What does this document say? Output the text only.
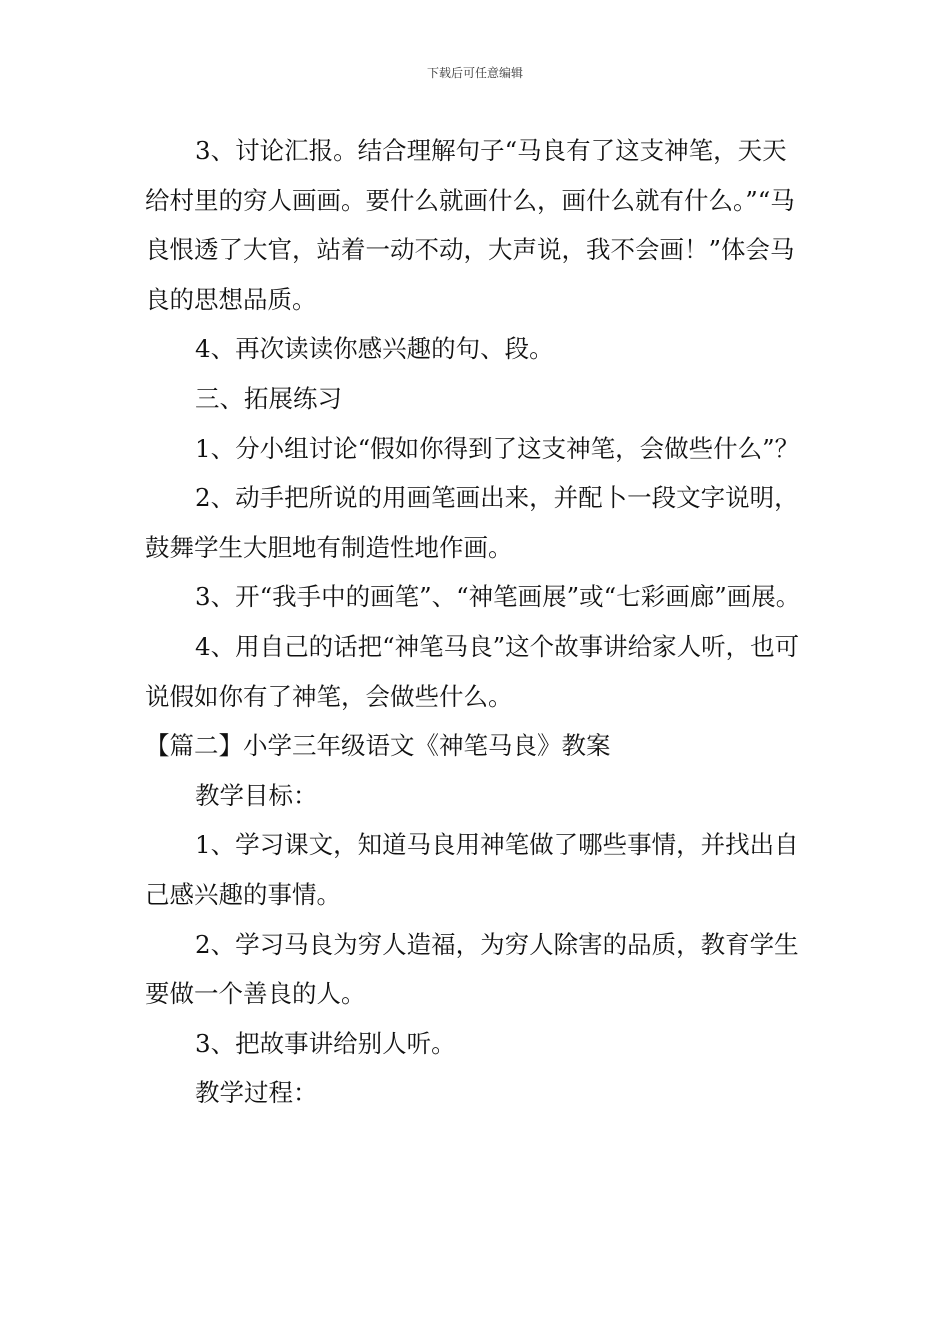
下载后可任意编辑

3、讨论汇报。结合理解句子“马良有了这支神笔，天天给村里的穷人画画。要什么就画什么，画什么就有什么。”“马良恨透了大官，站着一动不动，大声说，我不会画！”体会马良的思想品质。

4、再次读读你感兴趣的句、段。

三、拓展练习

1、分小组讨论“假如你得到了这支神笔，会做些什么”？

2、动手把所说的用画笔画出来，并配卜一段文字说明，鼓舞学生大胆地有制造性地作画。

3、开“我手中的画笔”、“神笔画展”或“七彩画廊”画展。

4、用自己的话把“神笔马良”这个故事讲给家人听，也可说假如你有了神笔，会做些什么。

【篇二】小学三年级语文《神笔马良》教案

教学目标：

1、学习课文，知道马良用神笔做了哪些事情，并找出自己感兴趣的事情。

2、学习马良为穷人造福，为穷人除害的品质，教育学生要做一个善良的人。

3、把故事讲给别人听。

教学过程：
